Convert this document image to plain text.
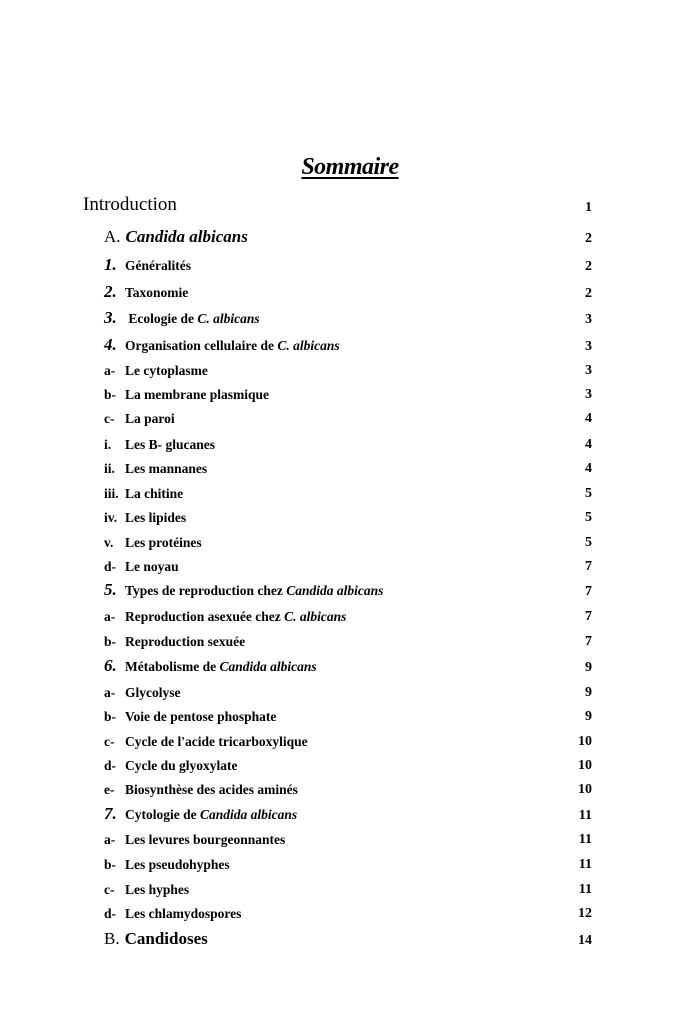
Sommaire
Introduction	1
A. Candida albicans	2
1. Généralités	2
2. Taxonomie	2
3. Ecologie de C. albicans	3
4. Organisation cellulaire de C. albicans	3
a- Le cytoplasme	3
b- La membrane plasmique	3
c- La paroi	4
i. Les Β- glucanes	4
ii. Les mannanes	4
iii. La chitine	5
iv. Les lipides	5
v. Les protéines	5
d- Le noyau	7
5. Types de reproduction chez Candida albicans	7
a- Reproduction asexuée chez C. albicans	7
b- Reproduction sexuée	7
6. Métabolisme de Candida albicans	9
a- Glycolyse	9
b- Voie de pentose phosphate	9
c- Cycle de l'acide tricarboxylique	10
d- Cycle du glyoxylate	10
e- Biosynthèse des acides aminés	10
7. Cytologie de Candida albicans	11
a- Les levures bourgeonnantes	11
b- Les pseudohyphes	11
c- Les hyphes	11
d- Les chlamydospores	12
B. Candidoses	14
